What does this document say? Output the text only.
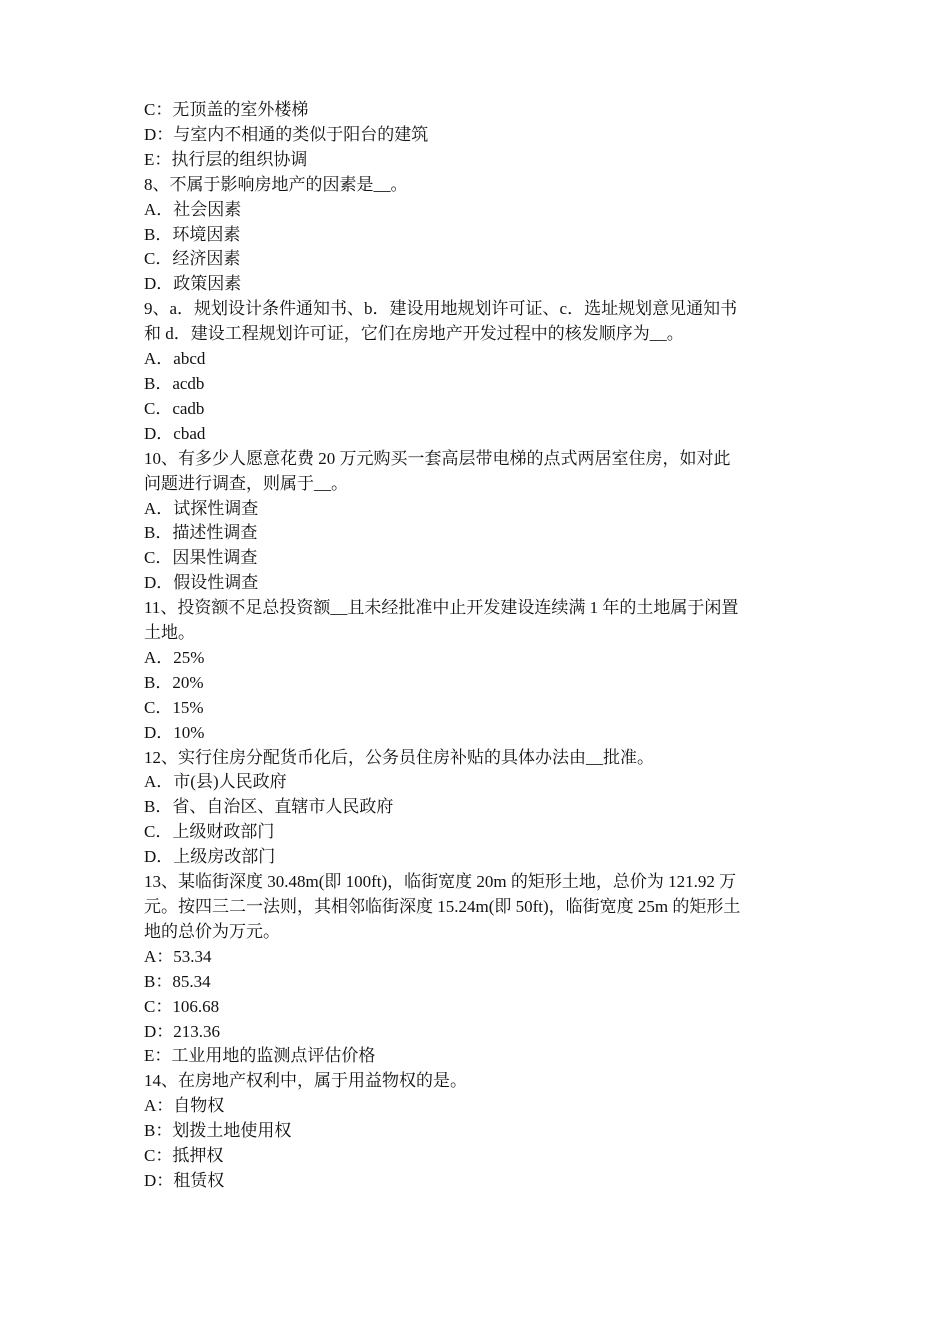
C：无顶盖的室外楼梯

D：与室内不相通的类似于阳台的建筑

E：执行层的组织协调

8、不属于影响房地产的因素是__。

A．社会因素

B．环境因素

C．经济因素

D．政策因素

9、a．规划设计条件通知书、b．建设用地规划许可证、c．选址规划意见通知书

和 d．建设工程规划许可证，它们在房地产开发过程中的核发顺序为__。

A．abcd

B．acdb

C．cadb

D．cbad

10、有多少人愿意花费 20 万元购买一套高层带电梯的点式两居室住房，如对此

问题进行调查，则属于__。

A．试探性调查

B．描述性调查

C．因果性调查

D．假设性调查

11、投资额不足总投资额__且未经批准中止开发建设连续满 1 年的土地属于闲置

土地。

A．25%

B．20%

C．15%

D．10%

12、实行住房分配货币化后，公务员住房补贴的具体办法由__批准。

A．市(县)人民政府

B．省、自治区、直辖市人民政府

C．上级财政部门

D．上级房改部门

13、某临街深度 30.48m(即 100ft)，临街宽度 20m 的矩形土地，总价为 121.92 万

元。按四三二一法则，其相邻临街深度 15.24m(即 50ft)，临街宽度 25m 的矩形土

地的总价为万元。

A：53.34

B：85.34

C：106.68

D：213.36

E：工业用地的监测点评估价格

14、在房地产权利中，属于用益物权的是。

A：自物权

B：划拨土地使用权

C：抵押权

D：租赁权
